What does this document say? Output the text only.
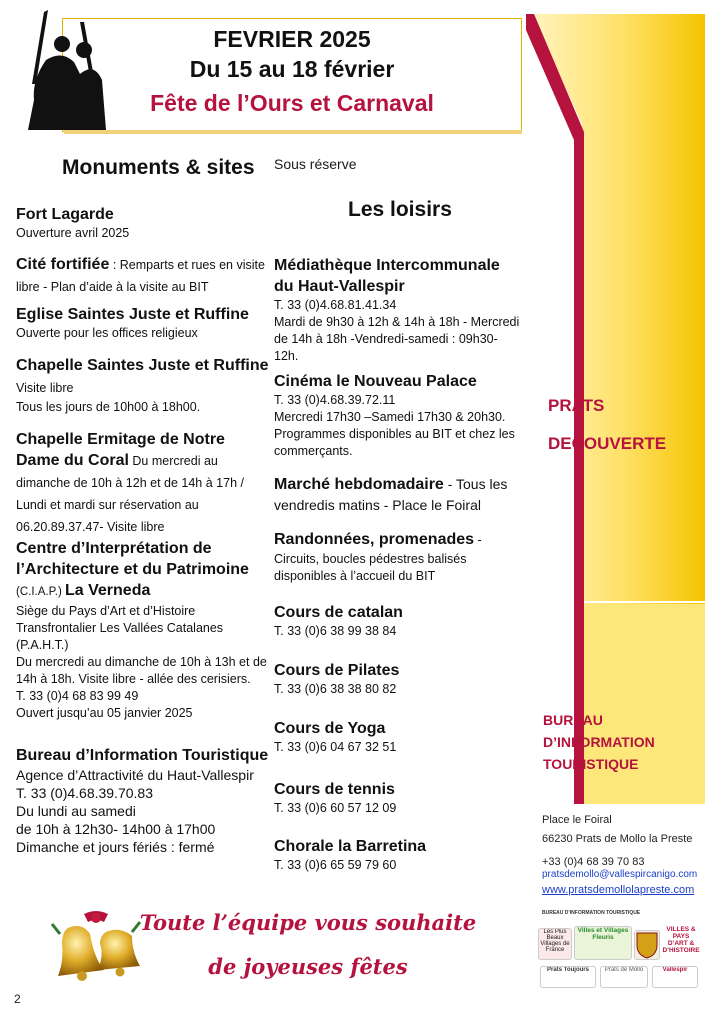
FEVRIER 2025
Du 15 au 18 février
Fête de l’Ours et Carnaval
PRATS
DECOUVERTE
BUREAU
D’INFORMATION
TOURISTIQUE
Monuments & sites
Fort Lagarde
Ouverture avril 2025
Cité fortifiée : Remparts et rues en visite libre - Plan d’aide à la visite au BIT
Eglise Saintes Juste et Ruffine
Ouverte pour les offices religieux
Chapelle Saintes Juste et Ruffine Visite libre
Tous les jours de 10h00 à 18h00.
Chapelle Ermitage de Notre Dame du Coral Du mercredi au dimanche de 10h à 12h et de 14h à 17h / Lundi et mardi sur réservation au 06.20.89.37.47- Visite libre
Centre d’Interprétation de l’Architecture et du Patrimoine
(C.I.A.P.) La Verneda
Siège du Pays d’Art et d’Histoire Transfrontalier Les Vallées Catalanes (P.A.H.T.)
Du mercredi au dimanche de 10h à 13h et de 14h à 18h. Visite libre - allée des cerisiers.
T. 33 (0)4 68 83 99 49
Ouvert jusqu’au 05 janvier 2025
Bureau d’Information Touristique
Agence d’Attractivité du Haut-Vallespir
T. 33 (0)4.68.39.70.83
Du lundi au samedi
de 10h à 12h30- 14h00 à 17h00
Dimanche et jours fériés : fermé
Sous réserve
Les loisirs
Médiathèque Intercommunale du Haut-Vallespir
T. 33 (0)4.68.81.41.34
Mardi de 9h30 à 12h & 14h à 18h - Mercredi de 14h à 18h -Vendredi-samedi : 09h30-12h.
Cinéma le Nouveau Palace
T. 33 (0)4.68.39.72.11
Mercredi 17h30 –Samedi 17h30 & 20h30. Programmes disponibles au BIT et chez les commerçants.
Marché hebdomadaire - Tous les vendredis matins - Place le Foiral
Randonnées, promenades -
Circuits, boucles pédestres balisés disponibles à l’accueil du BIT
Cours de catalan
T. 33 (0)6 38 99 38 84
Cours de Pilates
T. 33 (0)6 38 38 80 82
Cours de Yoga
T. 33 (0)6 04 67 32 51
Cours de tennis
T. 33 (0)6 60 57 12 09
Chorale la Barretina
T. 33 (0)6 65 59 79 60
Place le Foiral
66230 Prats de Mollo la Preste
+33 (0)4 68 39 70 83
pratsdemollo@vallespircanigo.com
www.pratsdemollolapreste.com
BUREAU D’INFORMATION TOURISTIQUE
Les Plus Beaux Villages de France
Villes et Villages Fleuris
VILLES & PAYS D’ART & D’HISTOIRE
Prats Toujours	Prats de Mollo	Vallespir
Toute l’équipe vous souhaite
de joyeuses fêtes
2
